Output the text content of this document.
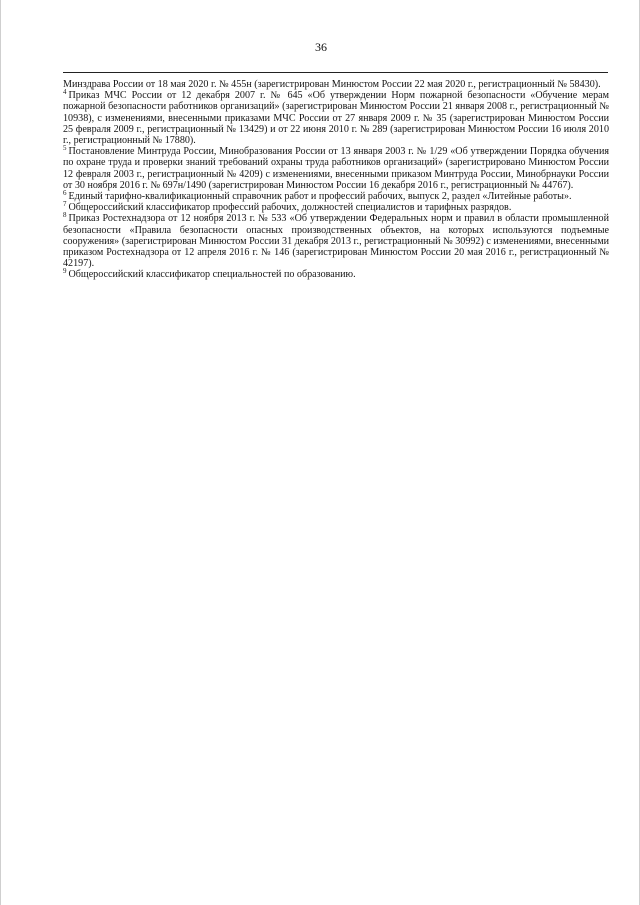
36

Минздрава России от 18 мая 2020 г. № 455н (зарегистрирован Минюстом России 22 мая 2020 г., регистрационный № 58430).

$^4$ Приказ МЧС России от 12 декабря 2007 г. № 645 «Об утверждении Норм пожарной безопасности «Обучение мерам пожарной безопасности работников организаций» (зарегистрирован Минюстом России 21 января 2008 г., регистрационный № 10938), с изменениями, внесенными приказами МЧС России от 27 января 2009 г. № 35 (зарегистрирован Минюстом России 25 февраля 2009 г., регистрационный № 13429) и от 22 июня 2010 г. № 289 (зарегистрирован Минюстом России 16 июля 2010 г., регистрационный № 17880).

$^5$ Постановление Минтруда России, Минобразования России от 13 января 2003 г. № 1/29 «Об утверждении Порядка обучения по охране труда и проверки знаний требований охраны труда работников организаций» (зарегистрировано Минюстом России 12 февраля 2003 г., регистрационный № 4209) с изменениями, внесенными приказом Минтруда России, Минобрнауки России от 30 ноября 2016 г. № 697н/1490 (зарегистрирован Минюстом России 16 декабря 2016 г., регистрационный № 44767).

$^6$ Единый тарифно-квалификационный справочник работ и профессий рабочих, выпуск 2, раздел «Литейные работы».

$^7$ Общероссийский классификатор профессий рабочих, должностей специалистов и тарифных разрядов.

$^8$ Приказ Ростехнадзора от 12 ноября 2013 г. № 533 «Об утверждении Федеральных норм и правил в области промышленной безопасности «Правила безопасности опасных производственных объектов, на которых используются подъемные сооружения» (зарегистрирован Минюстом России 31 декабря 2013 г., регистрационный № 30992) с изменениями, внесенными приказом Ростехнадзора от 12 апреля 2016 г. № 146 (зарегистрирован Минюстом России 20 мая 2016 г., регистрационный № 42197).

$^9$ Общероссийский классификатор специальностей по образованию.
